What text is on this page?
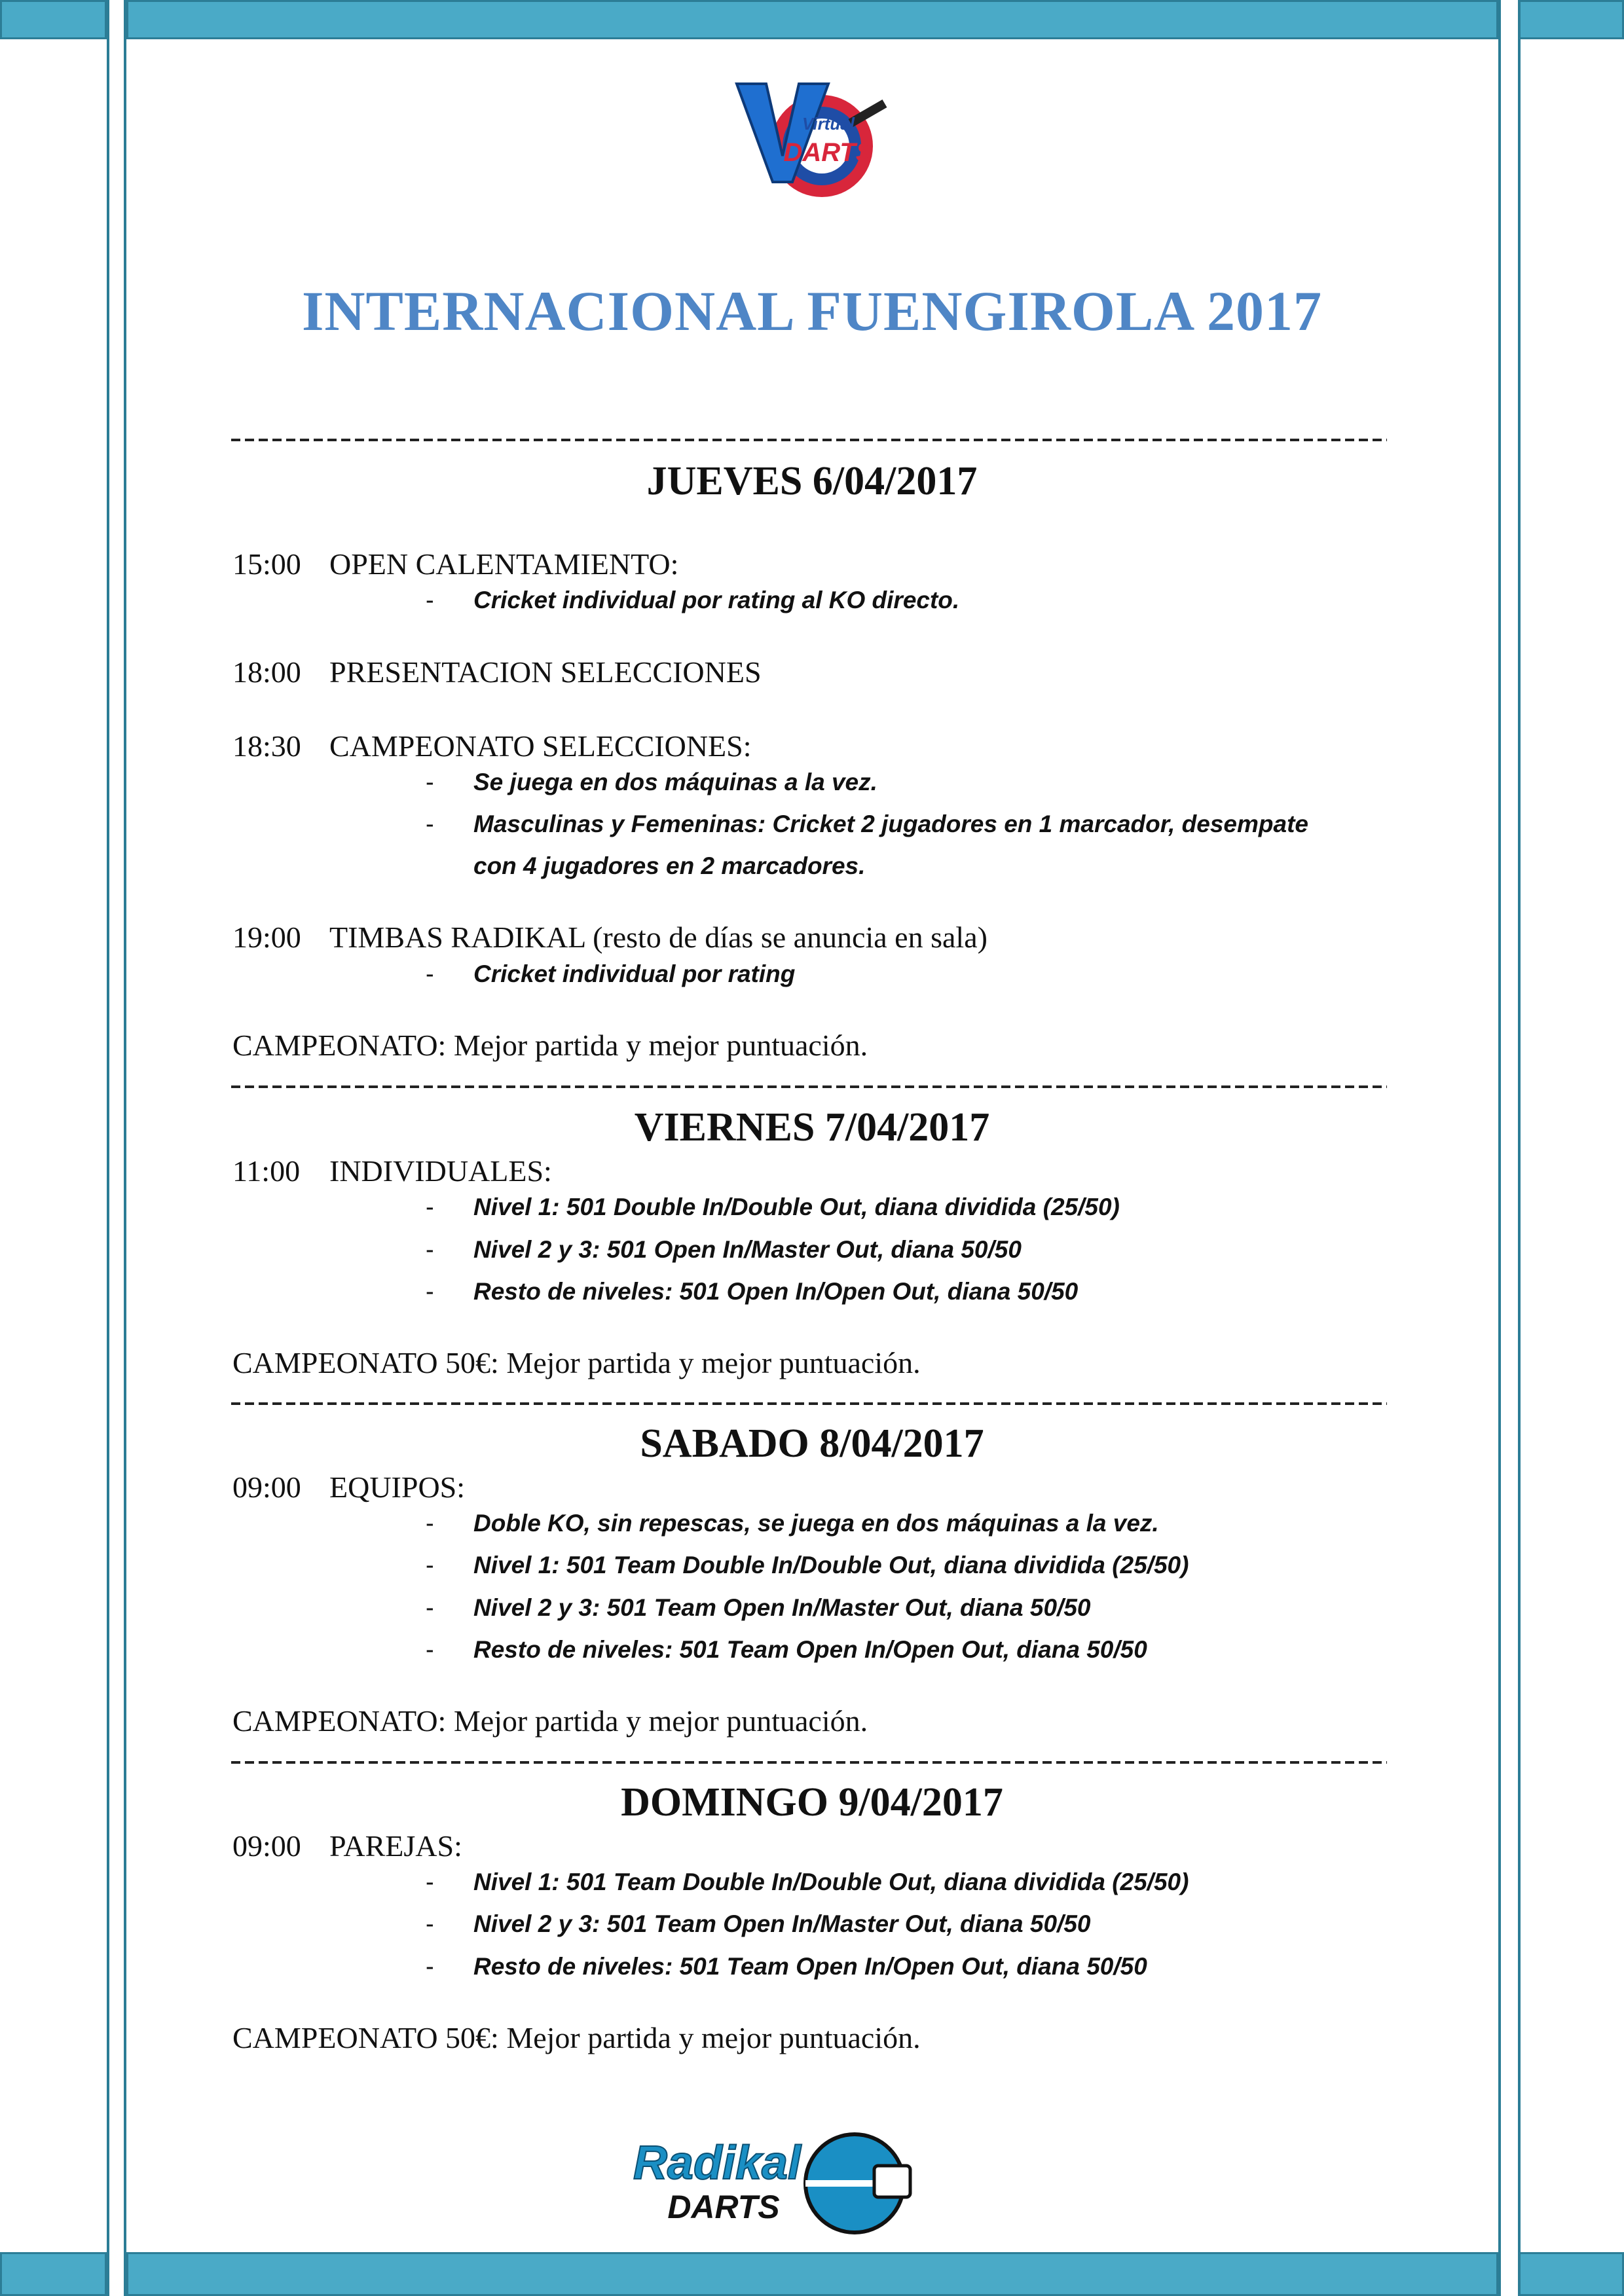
Virtual
DARTS
INTERNACIONAL FUENGIROLA 2017
JUEVES 6/04/2017
15:00 OPEN CALENTAMIENTO:
- Cricket individual por rating al KO directo.
18:00 PRESENTACION SELECCIONES
18:30 CAMPEONATO SELECCIONES:
- Se juega en dos máquinas a la vez.
- Masculinas y Femeninas: Cricket 2 jugadores en 1 marcador, desempate
con 4 jugadores en 2 marcadores.
19:00 TIMBAS RADIKAL (resto de días se anuncia en sala)
- Cricket individual por rating
CAMPEONATO: Mejor partida y mejor puntuación.
VIERNES 7/04/2017
11:00 INDIVIDUALES:
- Nivel 1: 501 Double In/Double Out, diana dividida (25/50)
- Nivel 2 y 3: 501 Open In/Master Out, diana 50/50
- Resto de niveles: 501 Open In/Open Out, diana 50/50
CAMPEONATO 50€: Mejor partida y mejor puntuación.
SABADO 8/04/2017
09:00 EQUIPOS:
- Doble KO, sin repescas, se juega en dos máquinas a la vez.
- Nivel 1: 501 Team Double In/Double Out, diana dividida (25/50)
- Nivel 2 y 3: 501 Team Open In/Master Out, diana 50/50
- Resto de niveles: 501 Team Open In/Open Out, diana 50/50
CAMPEONATO: Mejor partida y mejor puntuación.
DOMINGO 9/04/2017
09:00 PAREJAS:
- Nivel 1: 501 Team Double In/Double Out, diana dividida (25/50)
- Nivel 2 y 3: 501 Team Open In/Master Out, diana 50/50
- Resto de niveles: 501 Team Open In/Open Out, diana 50/50
CAMPEONATO 50€: Mejor partida y mejor puntuación.
Radikal
DARTS
